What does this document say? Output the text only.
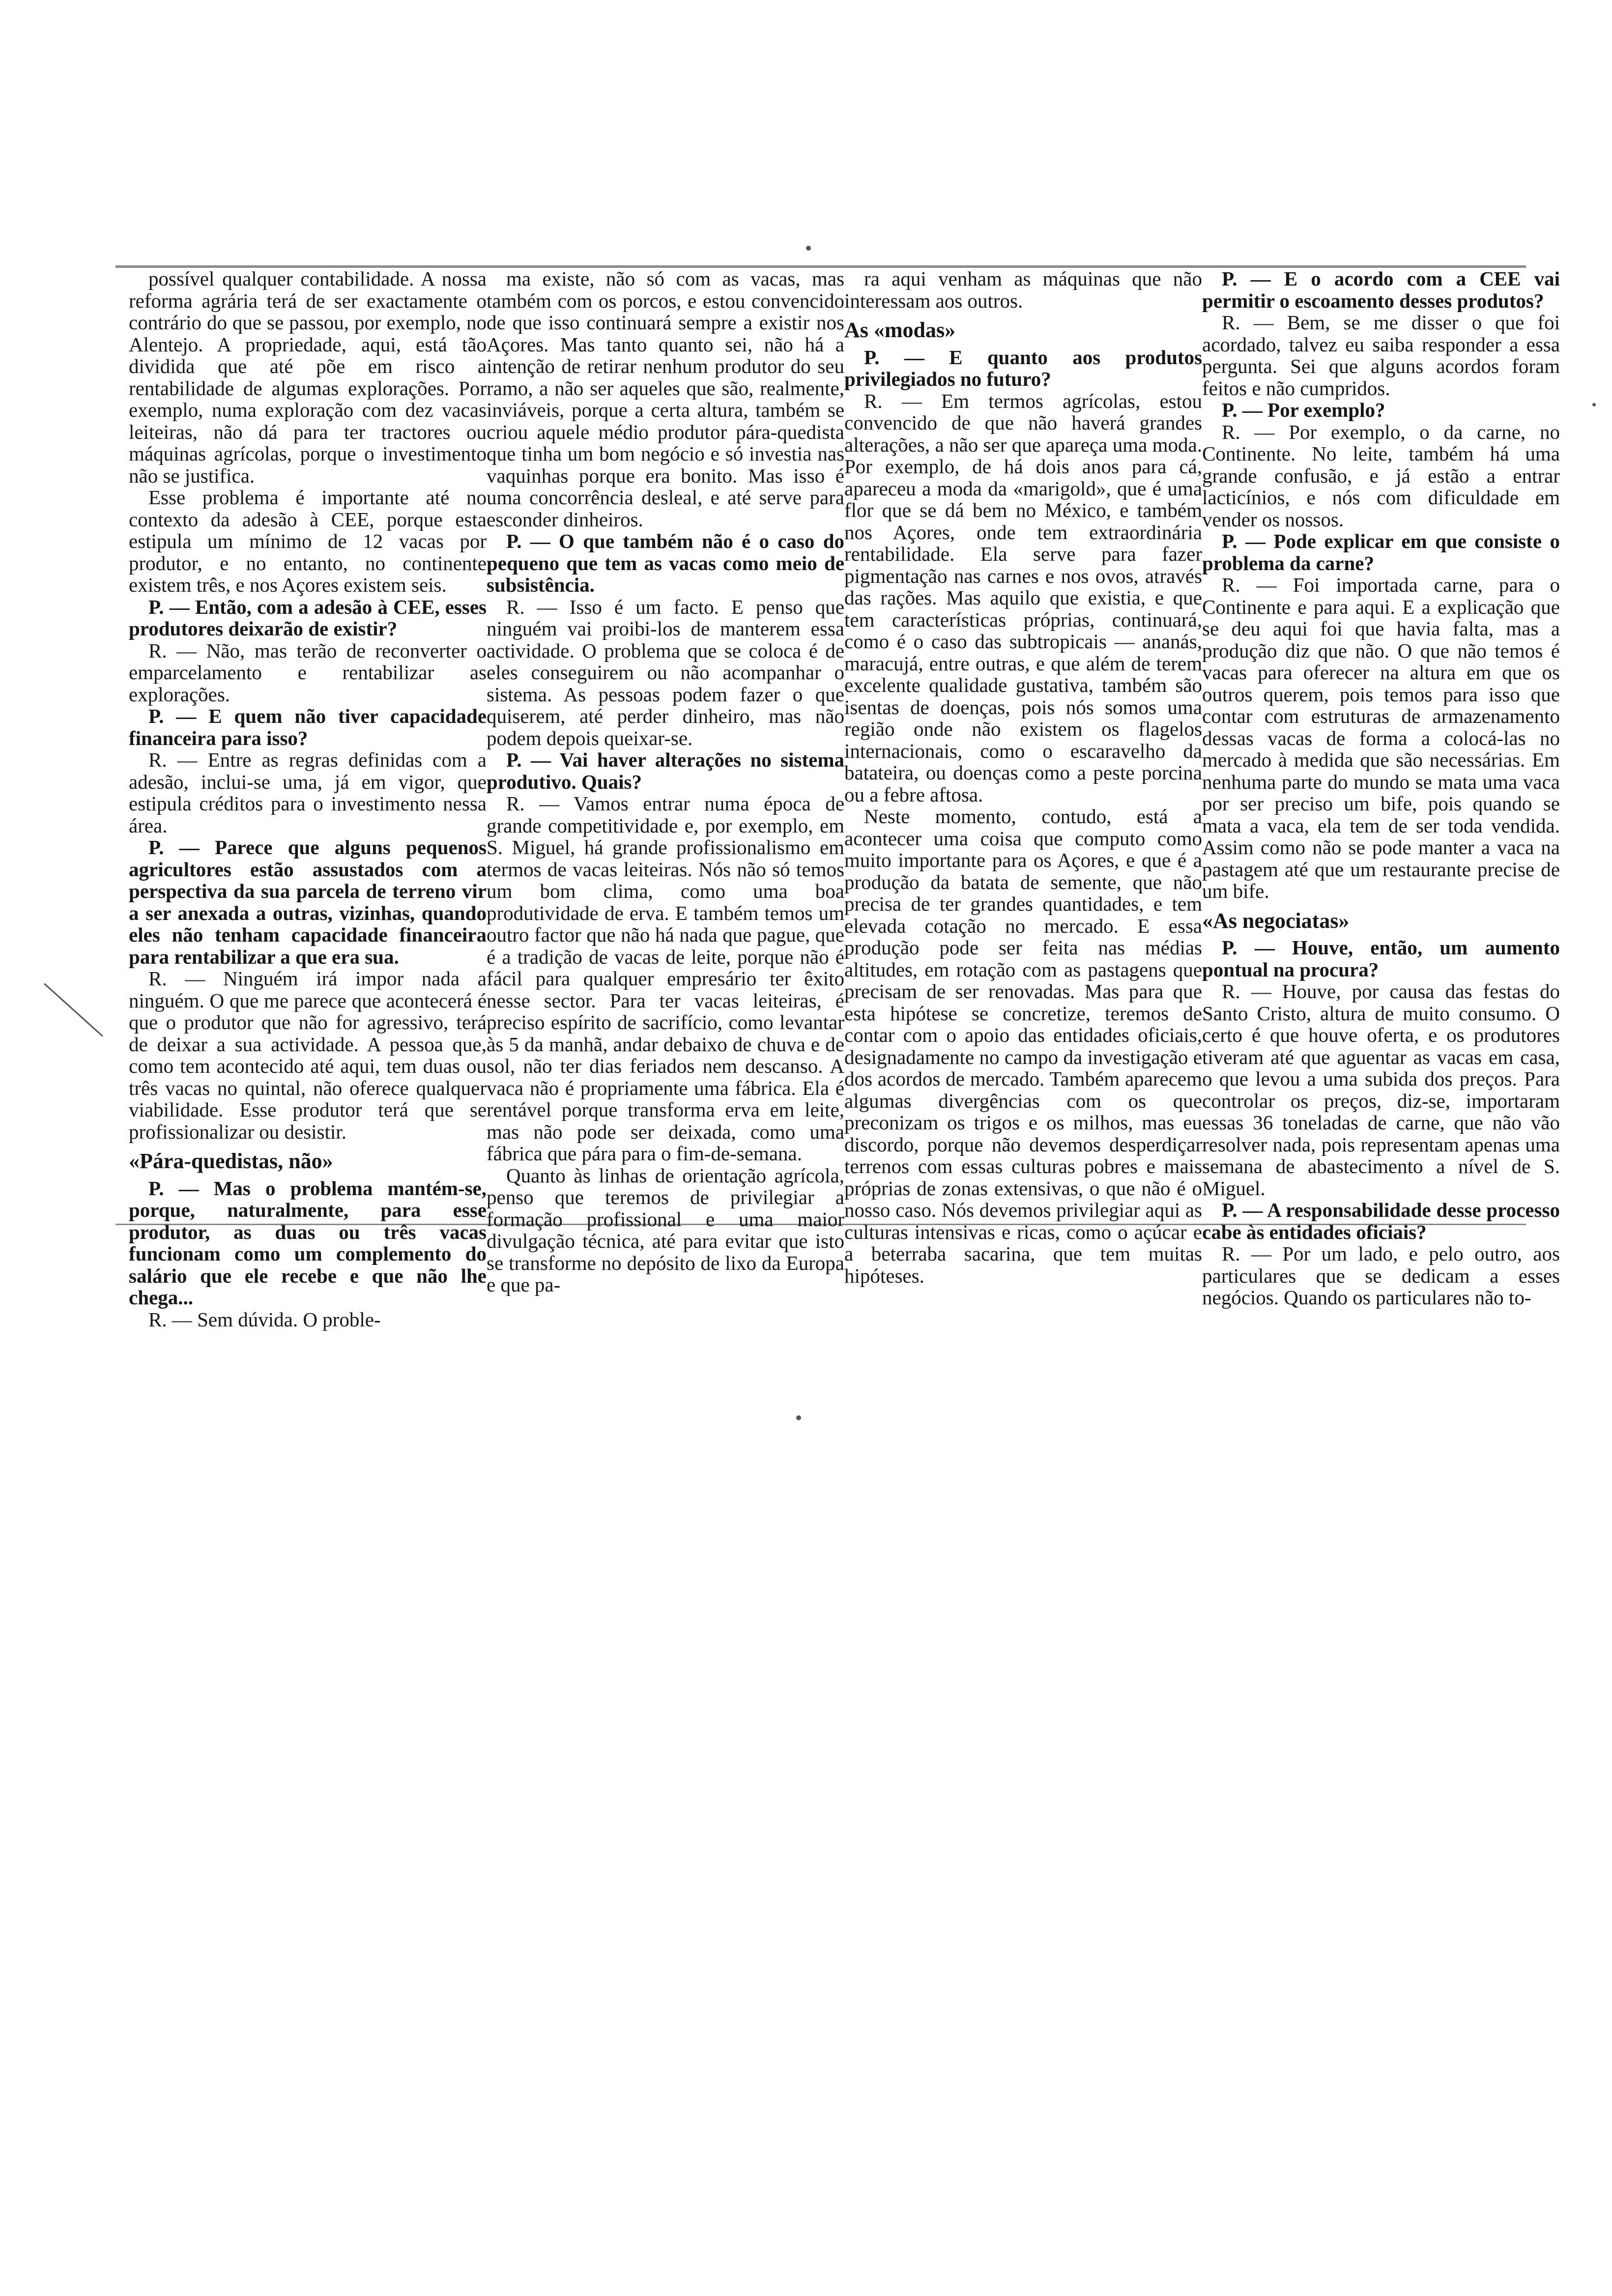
possível qualquer contabilidade. A nossa reforma agrária terá de ser exactamente o contrário do que se passou, por exemplo, no Alentejo. A propriedade, aqui, está tão dividida que até põe em risco a rentabilidade de algumas explorações. Por exemplo, numa exploração com dez vacas leiteiras, não dá para ter tractores ou máquinas agrícolas, porque o investimento não se justifica.

Esse problema é importante até no contexto da adesão à CEE, porque esta estipula um mínimo de 12 vacas por produtor, e no entanto, no continente existem três, e nos Açores existem seis.

P. — Então, com a adesão à CEE, esses produtores deixarão de existir?

R. — Não, mas terão de reconverter o emparcelamento e rentabilizar as explorações.

P. — E quem não tiver capacidade financeira para isso?

R. — Entre as regras definidas com a adesão, inclui-se uma, já em vigor, que estipula créditos para o investimento nessa área.

P. — Parece que alguns pequenos agricultores estão assustados com a perspectiva da sua parcela de terreno vir a ser anexada a outras, vizinhas, quando eles não tenham capacidade financeira para rentabilizar a que era sua.

R. — Ninguém irá impor nada a ninguém. O que me parece que acontecerá é que o produtor que não for agressivo, terá de deixar a sua actividade. A pessoa que, como tem acontecido até aqui, tem duas ou três vacas no quintal, não oferece qualquer viabilidade. Esse produtor terá que se profissionalizar ou desistir.

«Pára-quedistas, não»

P. — Mas o problema mantém-se, porque, naturalmente, para esse produtor, as duas ou três vacas funcionam como um complemento do salário que ele recebe e que não lhe chega...

R. — Sem dúvida. O proble-

ma existe, não só com as vacas, mas também com os porcos, e estou convencido de que isso continuará sempre a existir nos Açores. Mas tanto quanto sei, não há a intenção de retirar nenhum produtor do seu ramo, a não ser aqueles que são, realmente, inviáveis, porque a certa altura, também se criou aquele médio produtor pára-quedista que tinha um bom negócio e só investia nas vaquinhas porque era bonito. Mas isso é uma concorrência desleal, e até serve para esconder dinheiros.

P. — O que também não é o caso do pequeno que tem as vacas como meio de subsistência.

R. — Isso é um facto. E penso que ninguém vai proibi-los de manterem essa actividade. O problema que se coloca é de eles conseguirem ou não acompanhar o sistema. As pessoas podem fazer o que quiserem, até perder dinheiro, mas não podem depois queixar-se.

P. — Vai haver alterações no sistema produtivo. Quais?

R. — Vamos entrar numa época de grande competitividade e, por exemplo, em S. Miguel, há grande profissionalismo em termos de vacas leiteiras. Nós não só temos um bom clima, como uma boa produtividade de erva. E também temos um outro factor que não há nada que pague, que é a tradição de vacas de leite, porque não é fácil para qualquer empresário ter êxito nesse sector. Para ter vacas leiteiras, é preciso espírito de sacrifício, como levantar às 5 da manhã, andar debaixo de chuva e de sol, não ter dias feriados nem descanso. A vaca não é propriamente uma fábrica. Ela é rentável porque transforma erva em leite, mas não pode ser deixada, como uma fábrica que pára para o fim-de-semana.

Quanto às linhas de orientação agrícola, penso que teremos de privilegiar a formação profissional e uma maior divulgação técnica, até para evitar que isto se transforme no depósito de lixo da Europa e que pa-

ra aqui venham as máquinas que não interessam aos outros.

As «modas»

P. — E quanto aos produtos privilegiados no futuro?

R. — Em termos agrícolas, estou convencido de que não haverá grandes alterações, a não ser que apareça uma moda. Por exemplo, de há dois anos para cá, apareceu a moda da «marigold», que é uma flor que se dá bem no México, e também nos Açores, onde tem extraordinária rentabilidade. Ela serve para fazer pigmentação nas carnes e nos ovos, através das rações. Mas aquilo que existia, e que tem características próprias, continuará, como é o caso das subtropicais — ananás, maracujá, entre outras, e que além de terem excelente qualidade gustativa, também são isentas de doenças, pois nós somos uma região onde não existem os flagelos internacionais, como o escaravelho da batateira, ou doenças como a peste porcina ou a febre aftosa.

Neste momento, contudo, está a acontecer uma coisa que computo como muito importante para os Açores, e que é a produção da batata de semente, que não precisa de ter grandes quantidades, e tem elevada cotação no mercado. E essa produção pode ser feita nas médias altitudes, em rotação com as pastagens que precisam de ser renovadas. Mas para que esta hipótese se concretize, teremos de contar com o apoio das entidades oficiais, designadamente no campo da investigação e dos acordos de mercado. Também aparecem algumas divergências com os que preconizam os trigos e os milhos, mas eu discordo, porque não devemos desperdiçar terrenos com essas culturas pobres e mais próprias de zonas extensivas, o que não é o nosso caso. Nós devemos privilegiar aqui as culturas intensivas e ricas, como o açúcar e a beterraba sacarina, que tem muitas hipóteses.

P. — E o acordo com a CEE vai permitir o escoamento desses produtos?

R. — Bem, se me disser o que foi acordado, talvez eu saiba responder a essa pergunta. Sei que alguns acordos foram feitos e não cumpridos.

P. — Por exemplo?

R. — Por exemplo, o da carne, no Continente. No leite, também há uma grande confusão, e já estão a entrar lacticínios, e nós com dificuldade em vender os nossos.

P. — Pode explicar em que consiste o problema da carne?

R. — Foi importada carne, para o Continente e para aqui. E a explicação que se deu aqui foi que havia falta, mas a produção diz que não. O que não temos é vacas para oferecer na altura em que os outros querem, pois temos para isso que contar com estruturas de armazenamento dessas vacas de forma a colocá-las no mercado à medida que são necessárias. Em nenhuma parte do mundo se mata uma vaca por ser preciso um bife, pois quando se mata a vaca, ela tem de ser toda vendida. Assim como não se pode manter a vaca na pastagem até que um restaurante precise de um bife.

«As negociatas»

P. — Houve, então, um aumento pontual na procura?

R. — Houve, por causa das festas do Santo Cristo, altura de muito consumo. O certo é que houve oferta, e os produtores tiveram até que aguentar as vacas em casa, o que levou a uma subida dos preços. Para controlar os preços, diz-se, importaram essas 36 toneladas de carne, que não vão resolver nada, pois representam apenas uma semana de abastecimento a nível de S. Miguel.

P. — A responsabilidade desse processo cabe às entidades oficiais?

R. — Por um lado, e pelo outro, aos particulares que se dedicam a esses negócios. Quando os particulares não to-
